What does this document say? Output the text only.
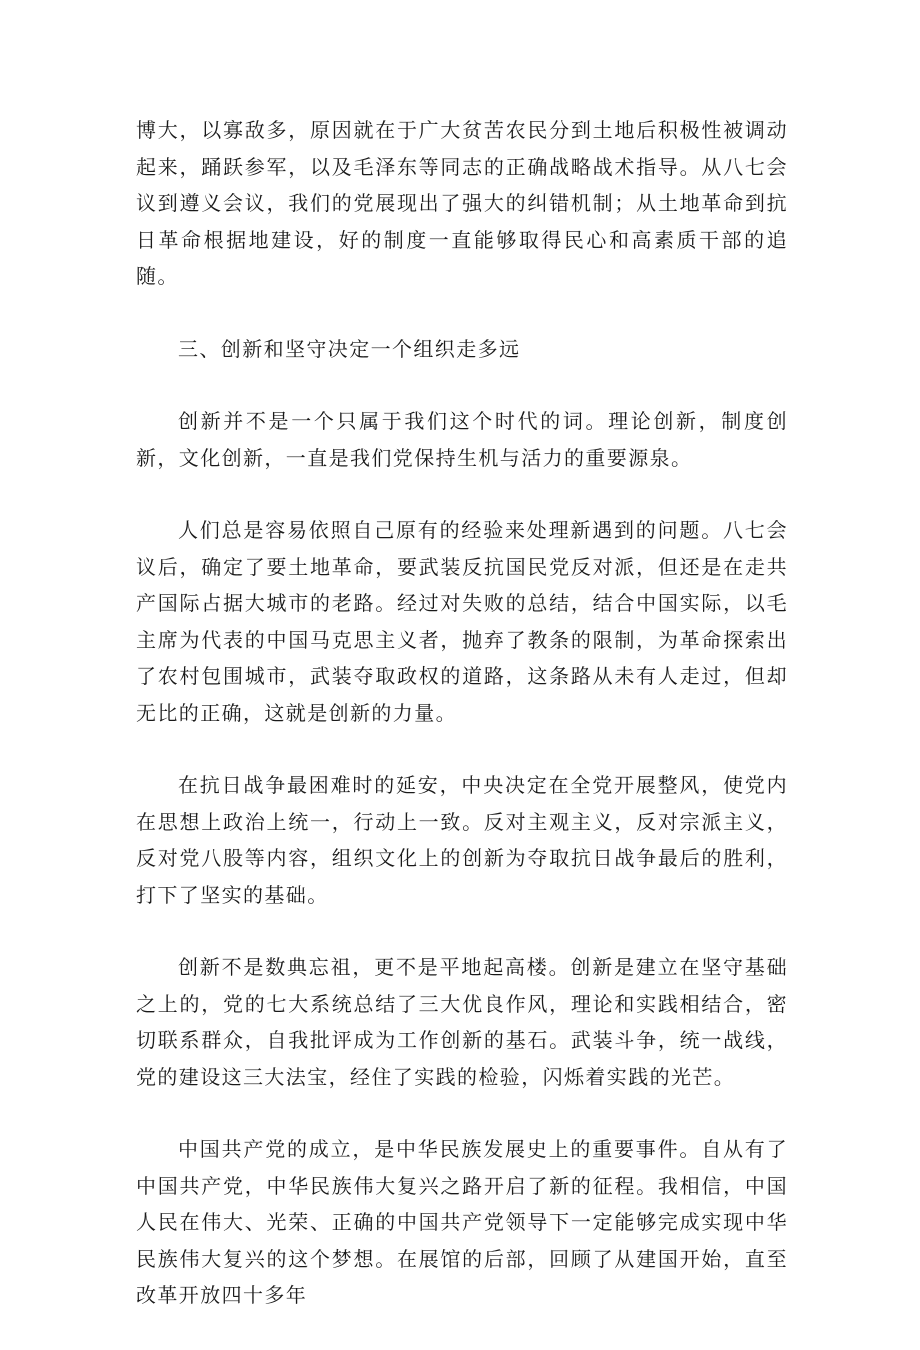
博大，以寡敌多，原因就在于广大贫苦农民分到土地后积极性被调动起来，踊跃参军，以及毛泽东等同志的正确战略战术指导。从八七会议到遵义会议，我们的党展现出了强大的纠错机制；从土地革命到抗日革命根据地建设，好的制度一直能够取得民心和高素质干部的追随。

三、创新和坚守决定一个组织走多远

创新并不是一个只属于我们这个时代的词。理论创新，制度创新，文化创新，一直是我们党保持生机与活力的重要源泉。

人们总是容易依照自己原有的经验来处理新遇到的问题。八七会议后，确定了要土地革命，要武装反抗国民党反对派，但还是在走共产国际占据大城市的老路。经过对失败的总结，结合中国实际，以毛主席为代表的中国马克思主义者，抛弃了教条的限制，为革命探索出了农村包围城市，武装夺取政权的道路，这条路从未有人走过，但却无比的正确，这就是创新的力量。

在抗日战争最困难时的延安，中央决定在全党开展整风，使党内在思想上政治上统一，行动上一致。反对主观主义，反对宗派主义，反对党八股等内容，组织文化上的创新为夺取抗日战争最后的胜利，打下了坚实的基础。

创新不是数典忘祖，更不是平地起高楼。创新是建立在坚守基础之上的，党的七大系统总结了三大优良作风，理论和实践相结合，密切联系群众，自我批评成为工作创新的基石。武装斗争，统一战线，党的建设这三大法宝，经住了实践的检验，闪烁着实践的光芒。

中国共产党的成立，是中华民族发展史上的重要事件。自从有了中国共产党，中华民族伟大复兴之路开启了新的征程。我相信，中国人民在伟大、光荣、正确的中国共产党领导下一定能够完成实现中华民族伟大复兴的这个梦想。在展馆的后部，回顾了从建国开始，直至改革开放四十多年
